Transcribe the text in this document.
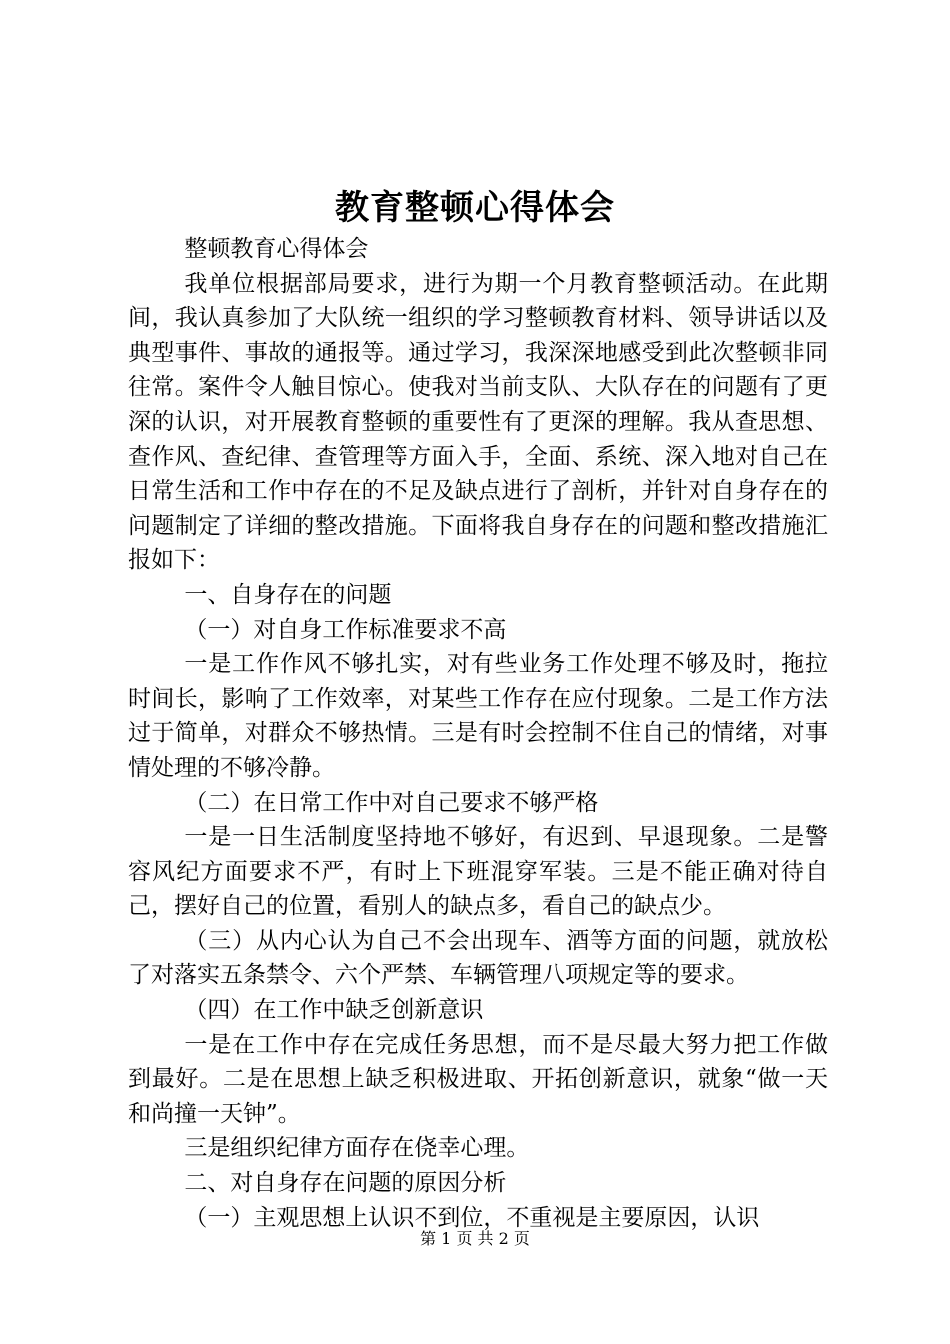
教育整顿心得体会

整顿教育心得体会

我单位根据部局要求，进行为期一个月教育整顿活动。在此期间，我认真参加了大队统一组织的学习整顿教育材料、领导讲话以及典型事件、事故的通报等。通过学习，我深深地感受到此次整顿非同往常。案件令人触目惊心。使我对当前支队、大队存在的问题有了更深的认识，对开展教育整顿的重要性有了更深的理解。我从查思想、查作风、查纪律、查管理等方面入手，全面、系统、深入地对自己在日常生活和工作中存在的不足及缺点进行了剖析，并针对自身存在的问题制定了详细的整改措施。下面将我自身存在的问题和整改措施汇报如下：

一、自身存在的问题

（一）对自身工作标准要求不高

一是工作作风不够扎实，对有些业务工作处理不够及时，拖拉时间长，影响了工作效率，对某些工作存在应付现象。二是工作方法过于简单，对群众不够热情。三是有时会控制不住自己的情绪，对事情处理的不够冷静。

（二）在日常工作中对自己要求不够严格

一是一日生活制度坚持地不够好，有迟到、早退现象。二是警容风纪方面要求不严，有时上下班混穿军装。三是不能正确对待自己，摆好自己的位置，看别人的缺点多，看自己的缺点少。

（三）从内心认为自己不会出现车、酒等方面的问题，就放松了对落实五条禁令、六个严禁、车辆管理八项规定等的要求。

（四）在工作中缺乏创新意识

一是在工作中存在完成任务思想，而不是尽最大努力把工作做到最好。二是在思想上缺乏积极进取、开拓创新意识，就象“做一天和尚撞一天钟”。

三是组织纪律方面存在侥幸心理。

二、对自身存在问题的原因分析

（一）主观思想上认识不到位，不重视是主要原因，认识

第 1 页 共 2 页
